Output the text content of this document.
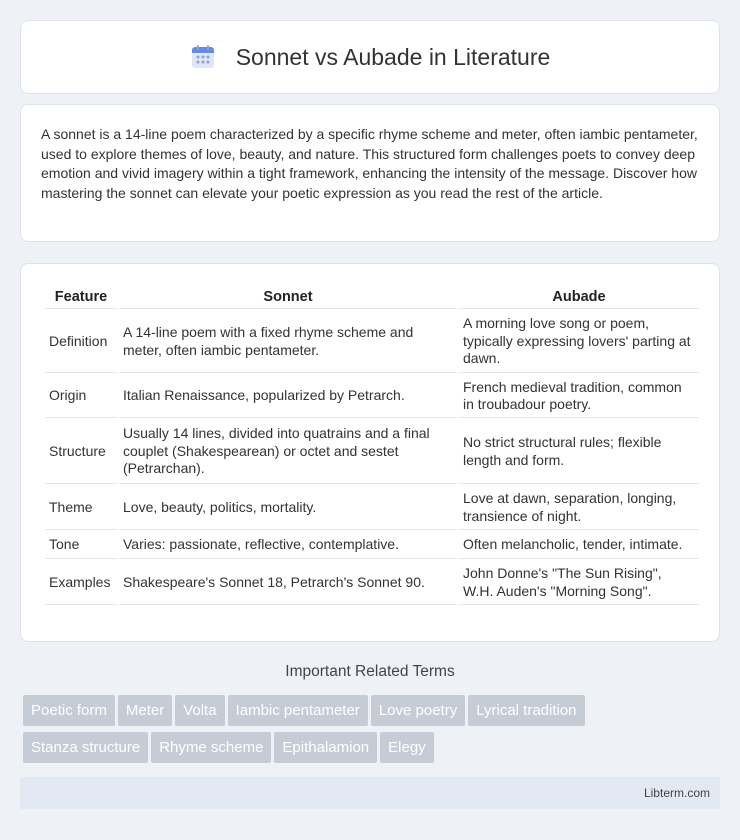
Sonnet vs Aubade in Literature

A sonnet is a 14-line poem characterized by a specific rhyme scheme and meter, often iambic pentameter, used to explore themes of love, beauty, and nature. This structured form challenges poets to convey deep emotion and vivid imagery within a tight framework, enhancing the intensity of the message. Discover how mastering the sonnet can elevate your poetic expression as you read the rest of the article.

Feature	Sonnet	Aubade
Definition	A 14-line poem with a fixed rhyme scheme and meter, often iambic pentameter.	A morning love song or poem, typically expressing lovers' parting at dawn.
Origin	Italian Renaissance, popularized by Petrarch.	French medieval tradition, common in troubadour poetry.
Structure	Usually 14 lines, divided into quatrains and a final couplet (Shakespearean) or octet and sestet (Petrarchan).	No strict structural rules; flexible length and form.
Theme	Love, beauty, politics, mortality.	Love at dawn, separation, longing, transience of night.
Tone	Varies: passionate, reflective, contemplative.	Often melancholic, tender, intimate.
Examples	Shakespeare's Sonnet 18, Petrarch's Sonnet 90.	John Donne's "The Sun Rising", W.H. Auden's "Morning Song".
Important Related Terms
Poetic form Meter Volta Iambic pentameter Love poetry Lyrical tradition
Stanza structure Rhyme scheme Epithalamion Elegy
Libterm.com
